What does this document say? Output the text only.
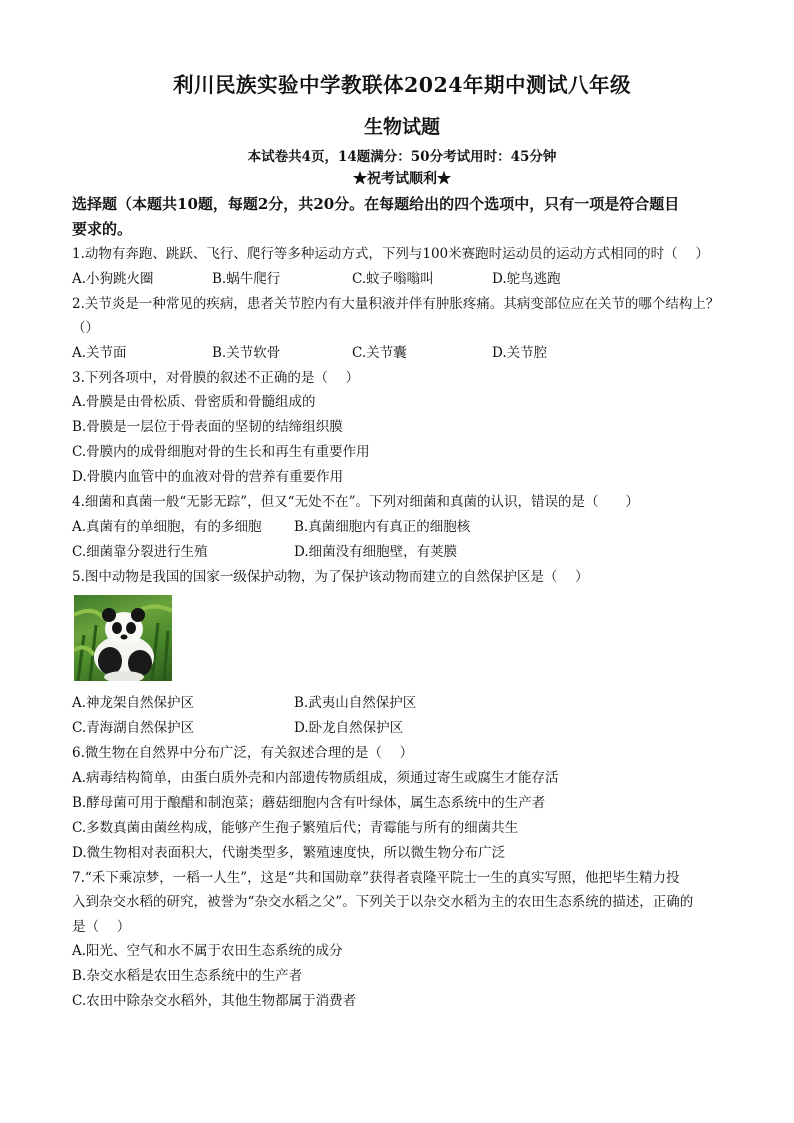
利川民族实验中学教联体2024年期中测试八年级
生物试题
本试卷共4页，14题满分：50分考试用时：45分钟
★祝考试顺利★
选择题（本题共10题，每题2分，共20分。在每题给出的四个选项中，只有一项是符合题目
要求的。
1.动物有奔跑、跳跃、飞行、爬行等多种运动方式，下列与100米赛跑时运动员的运动方式相同的时（　 ）
A.小狗跳火圈	B.蜗牛爬行	C.蚊子嗡嗡叫	D.鸵鸟逃跑
2.关节炎是一种常见的疾病，患者关节腔内有大量积液并伴有肿胀疼痛。其病变部位应在关节的哪个结构上？
（）
A.关节面	B.关节软骨	C.关节囊	D.关节腔
3.下列各项中，对骨膜的叙述不正确的是（　 ）
A.骨膜是由骨松质、骨密质和骨髓组成的
B.骨膜是一层位于骨表面的坚韧的结缔组织膜
C.骨膜内的成骨细胞对骨的生长和再生有重要作用
D.骨膜内血管中的血液对骨的营养有重要作用
4.细菌和真菌一般“无影无踪”，但又“无处不在”。下列对细菌和真菌的认识，错误的是（　　）
A.真菌有的单细胞，有的多细胞	B.真菌细胞内有真正的细胞核
C.细菌靠分裂进行生殖	D.细菌没有细胞壁，有荚膜
5.图中动物是我国的国家一级保护动物，为了保护该动物而建立的自然保护区是（　 ）
A.神龙架自然保护区	B.武夷山自然保护区
C.青海湖自然保护区	D.卧龙自然保护区
6.微生物在自然界中分布广泛，有关叙述合理的是（　 ）
A.病毒结构简单，由蛋白质外壳和内部遗传物质组成，须通过寄生或腐生才能存活
B.酵母菌可用于酿醋和制泡菜；蘑菇细胞内含有叶绿体，属生态系统中的生产者
C.多数真菌由菌丝构成，能够产生孢子繁殖后代；青霉能与所有的细菌共生
D.微生物相对表面积大，代谢类型多，繁殖速度快，所以微生物分布广泛
7.“禾下乘凉梦，一稻一人生”，这是“共和国勋章”获得者袁隆平院士一生的真实写照，他把毕生精力投
入到杂交水稻的研究，被誉为“杂交水稻之父”。下列关于以杂交水稻为主的农田生态系统的描述，正确的
是（　 ）
A.阳光、空气和水不属于农田生态系统的成分
B.杂交水稻是农田生态系统中的生产者
C.农田中除杂交水稻外，其他生物都属于消费者
